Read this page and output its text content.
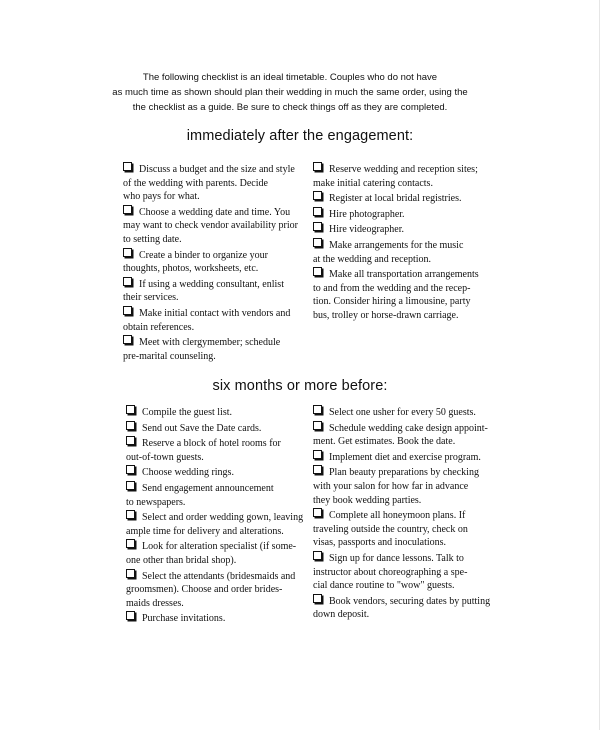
The following checklist is an ideal timetable. Couples who do not have
as much time as shown should plan their wedding in much the same order, using the
the checklist as a guide. Be sure to check things off as they are completed.
immediately after the engagement:
Discuss a budget and the size and style
of the wedding with parents. Decide
who pays for what.
Choose a wedding date and time. You
may want to check vendor availability prior
to setting date.
Create a binder to organize your
thoughts, photos, worksheets, etc.
If using a wedding consultant, enlist
their services.
Make initial contact with vendors and
obtain references.
Meet with clergymember; schedule
pre-marital counseling.
Reserve wedding and reception sites;
make initial catering contacts.
Register at local bridal registries.
Hire photographer.
Hire videographer.
Make arrangements for the music
at the wedding and reception.
Make all transportation arrangements
to and from the wedding and the recep-
tion. Consider hiring a limousine, party
bus, trolley or horse-drawn carriage.
six months or more before:
Compile the guest list.
Send out Save the Date cards.
Reserve a block of hotel rooms for
out-of-town guests.
Choose wedding rings.
Send engagement announcement
to newspapers.
Select and order wedding gown, leaving
ample time for delivery and alterations.
Look for alteration specialist (if some-
one other than bridal shop).
Select the attendants (bridesmaids and
groomsmen). Choose and order brides-
maids dresses.
Purchase invitations.
Select one usher for every 50 guests.
Schedule wedding cake design appoint-
ment. Get estimates. Book the date.
Implement diet and exercise program.
Plan beauty preparations by checking
with your salon for how far in advance
they book wedding parties.
Complete all honeymoon plans. If
traveling outside the country, check on
visas, passports and inoculations.
Sign up for dance lessons. Talk to
instructor about choreographing a spe-
cial dance routine to "wow" guests.
Book vendors, securing dates by putting
down deposit.
